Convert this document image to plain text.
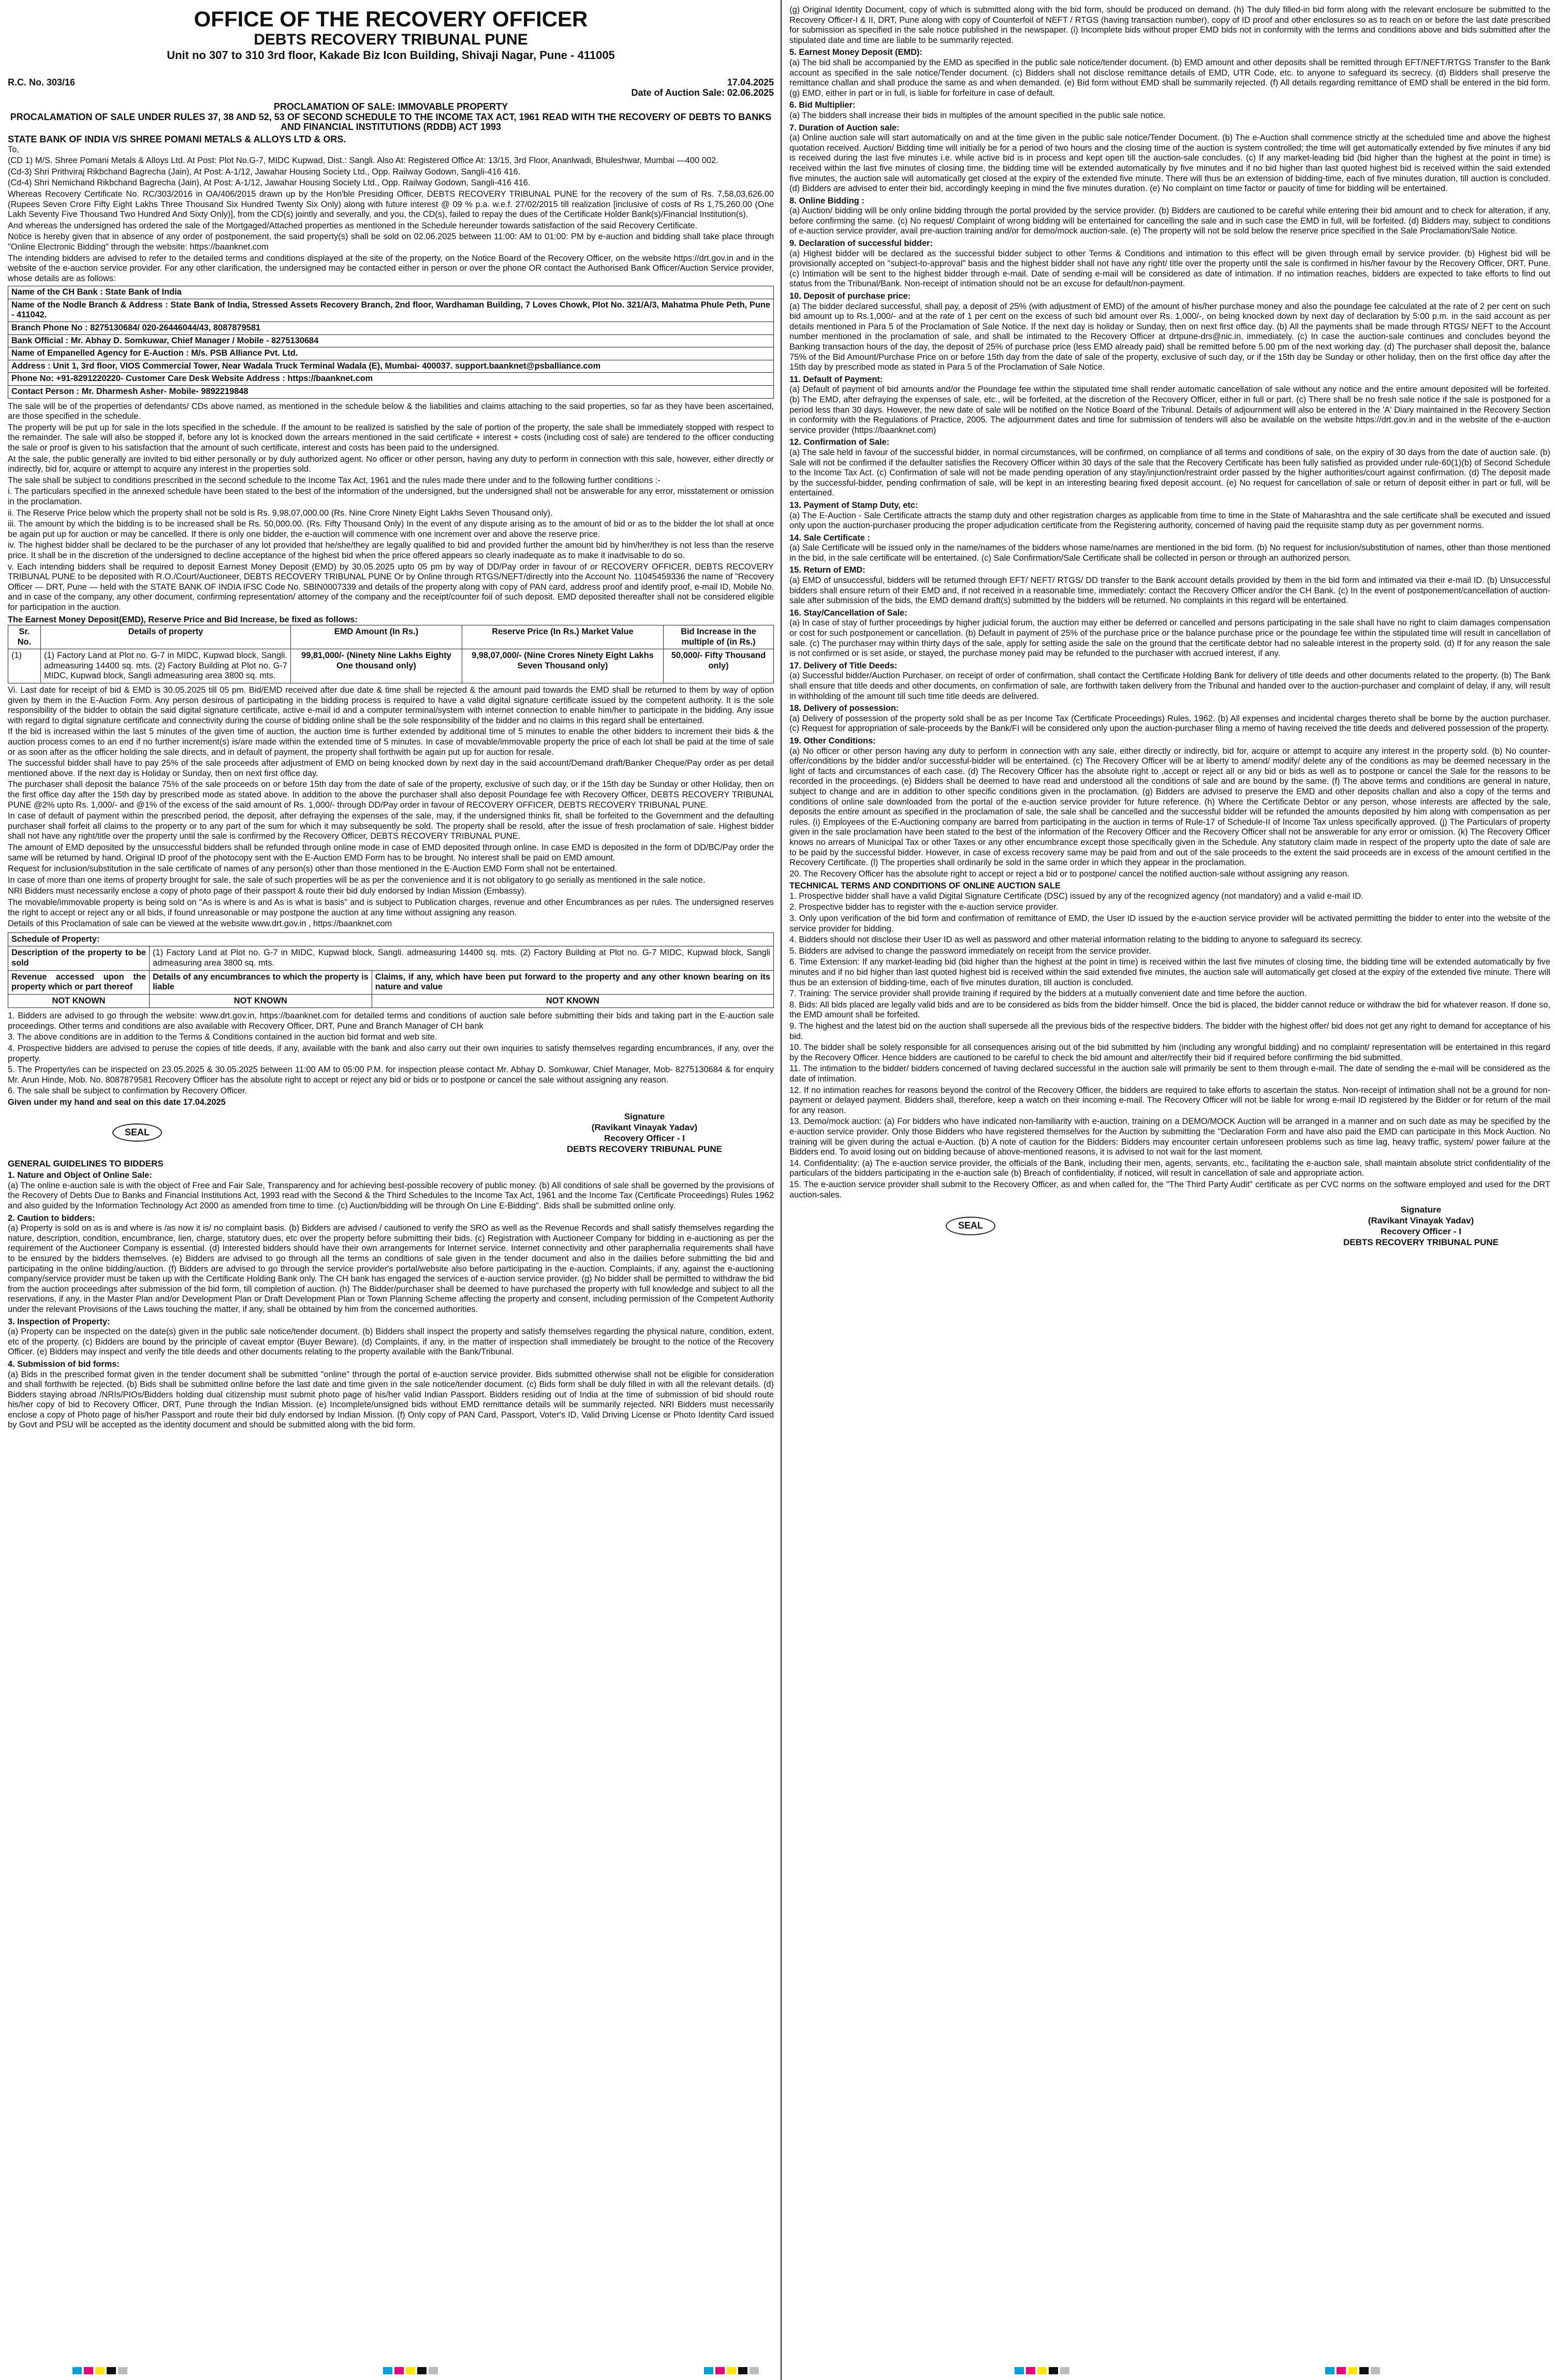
OFFICE OF THE RECOVERY OFFICER
DEBTS RECOVERY TRIBUNAL PUNE
Unit no 307 to 310 3rd floor, Kakade Biz Icon Building, Shivaji Nagar, Pune - 411005
R.C. No. 303/16	17.04.2025
Date of Auction Sale: 02.06.2025
PROCLAMATION OF SALE: IMMOVABLE PROPERTY
PROCALAMATION OF SALE UNDER RULES 37, 38 AND 52, 53 OF SECOND SCHEDULE TO THE INCOME TAX ACT, 1961 READ WITH THE RECOVERY OF DEBTS TO BANKS AND FINANCIAL INSTITUTIONS (RDDB) ACT 1993
STATE BANK OF INDIA V/S SHREE POMANI METALS & ALLOYS LTD & ORS.

To,

(CD 1) M/S. Shree Pomani Metals & Alloys Ltd. At Post: Plot No.G-7, MIDC Kupwad, Dist.: Sangli. Also At: Registered Office At: 13/15, 3rd Floor, Ananlwadi, Bhuleshwar, Mumbai —400 002.

(Cd-3) Shri Prithviraj Rikbchand Bagrecha (Jain), At Post: A-1/12, Jawahar Housing Society Ltd., Opp. Railway Godown, Sangli-416 416.

(Cd-4) Shri Nemichand Rikbchand Bagrecha (Jain), At Post: A-1/12, Jawahar Housing Society Ltd., Opp. Railway Godown, Sangli-416 416.

Whereas Recovery Certificate No. RC/303/2016 in OA/406/2015 drawn up by the Hon'ble Presiding Officer, DEBTS RECOVERY TRIBUNAL PUNE for the recovery of the sum of Rs. 7,58,03,626.00 (Rupees Seven Crore Fifty Eight Lakhs Three Thousand Six Hundred Twenty Six Only) along with future interest @ 09 % p.a. w.e.f. 27/02/2015 till realization [inclusive of costs of Rs 1,75,260.00 (One Lakh Seventy Five Thousand Two Hundred And Sixty Only)], from the CD(s) jointly and severally, and you, the CD(s), failed to repay the dues of the Certificate Holder Bank(s)/Financial Institution(s).

And whereas the undersigned has ordered the sale of the Mortgaged/Attached properties as mentioned in the Schedule hereunder towards satisfaction of the said Recovery Certificate.

Notice is hereby given that in absence of any order of postponement, the said property(s) shall be sold on 02.06.2025 between 11:00: AM to 01:00: PM by e-auction and bidding shall take place through "Online Electronic Bidding" through the website: https://baanknet.com

The intending bidders are advised to refer to the detailed terms and conditions displayed at the site of the property, on the Notice Board of the Recovery Officer, on the website https://drt.gov.in and in the website of the e-auction service provider. For any other clarification, the undersigned may be contacted either in person or over the phone OR contact the Authorised Bank Officer/Auction Service provider, whose details are as follows:

Name of the CH Bank : State Bank of India
Name of the Nodle Branch & Address : State Bank of India, Stressed Assets Recovery Branch, 2nd floor, Wardhaman Building, 7 Loves Chowk, Plot No. 321/A/3, Mahatma Phule Peth, Pune - 411042.
Branch Phone No : 8275130684/ 020-26446044/43, 8087879581
Bank Official : Mr. Abhay D. Somkuwar, Chief Manager / Mobile - 8275130684
Name of Empanelled Agency for E-Auction : M/s. PSB Alliance Pvt. Ltd.
Address : Unit 1, 3rd floor, VIOS Commercial Tower, Near Wadala Truck Terminal Wadala (E), Mumbai- 400037. support.baanknet@psballiance.com
Phone No: +91-8291220220- Customer Care Desk Website Address : https://baanknet.com
Contact Person : Mr. Dharmesh Asher- Mobile- 9892219848

The sale will be of the properties of defendants/ CDs above named, as mentioned in the schedule below & the liabilities and claims attaching to the said properties, so far as they have been ascertained, are those specified in the schedule.

The property will be put up for sale in the lots specified in the schedule. If the amount to be realized is satisfied by the sale of portion of the property, the sale shall be immediately stopped with respect to the remainder. The sale will also be stopped if, before any lot is knocked down the arrears mentioned in the said certificate + interest + costs (including cost of sale) are tendered to the officer conducting the sale or proof is given to his satisfaction that the amount of such certificate, interest and costs has been paid to the undersigned.

At the sale, the public generally are invited to bid either personally or by duly authorized agent. No officer or other person, having any duty to perform in connection with this sale, however, either directly or indirectly, bid for, acquire or attempt to acquire any interest in the properties sold.

The sale shall be subject to conditions prescribed in the second schedule to the Income Tax Act, 1961 and the rules made there under and to the following further conditions :-

i. The particulars specified in the annexed schedule have been stated to the best of the information of the undersigned, but the undersigned shall not be answerable for any error, misstatement or omission in the proclamation.

ii. The Reserve Price below which the property shall not be sold is Rs. 9,98,07,000.00 (Rs. Nine Crore Ninety Eight Lakhs Seven Thousand only).

iii. The amount by which the bidding is to be increased shall be Rs. 50,000.00. (Rs. Fifty Thousand Only) In the event of any dispute arising as to the amount of bid or as to the bidder the lot shall at once be again put up for auction or may be cancelled. If there is only one bidder, the e-auction will commence with one increment over and above the reserve price.

iv. The highest bidder shall be declared to be the purchaser of any lot provided that he/she/they are legally qualified to bid and provided further the amount bid by him/her/they is not less than the reserve price. It shall be in the discretion of the undersigned to decline acceptance of the highest bid when the price offered appears so clearly inadequate as to make it inadvisable to do so.

v. Each intending bidders shall be required to deposit Earnest Money Deposit (EMD) by 30.05.2025 upto 05 pm by way of DD/Pay order in favour of or RECOVERY OFFICER, DEBTS RECOVERY TRIBUNAL PUNE to be deposited with R.O./Court/Auctioneer, DEBTS RECOVERY TRIBUNAL PUNE Or by Online through RTGS/NEFT/directly into the Account No. 11045459336 the name of "Recovery Officer — DRT, Pune — held with the STATE BANK OF INDIA IFSC Code No. SBIN0007339 and details of the property along with copy of PAN card, address proof and identify proof, e-mail ID, Mobile No. and in case of the company, any other document, confirming representation/ attorney of the company and the receipt/counter foil of such deposit. EMD deposited thereafter shall not be considered eligible for participation in the auction.

The Earnest Money Deposit(EMD), Reserve Price and Bid Increase, be fixed as follows:
Sr. No.	Details of property	EMD Amount (In Rs.)	Reserve Price (In Rs.) Market Value	Bid Increase in the multiple of (in Rs.)
(1)	(1) Factory Land at Plot no. G-7 in MIDC, Kupwad block, Sangli. admeasuring 14400 sq. mts. (2) Factory Building at Plot no. G-7 MIDC, Kupwad block, Sangli admeasuring area 3800 sq. mts.	99,81,000/- (Ninety Nine Lakhs Eighty One thousand only)	9,98,07,000/- (Nine Crores Ninety Eight Lakhs Seven Thousand only)	50,000/- Fifty Thousand only)

Vi. Last date for receipt of bid & EMD is 30.05.2025 till 05 pm. Bid/EMD received after due date & time shall be rejected & the amount paid towards the EMD shall be returned to them by way of option given by them in the E-Auction Form. Any person desirous of participating in the bidding process is required to have a valid digital signature certificate issued by the competent authority. It is the sole responsibility of the bidder to obtain the said digital signature certificate, active e-mail id and a computer terminal/system with internet connection to enable him/her to participate in the bidding. Any issue with regard to digital signature certificate and connectivity during the course of bidding online shall be the sole responsibility of the bidder and no claims in this regard shall be entertained.

If the bid is increased within the last 5 minutes of the given time of auction, the auction time is further extended by additional time of 5 minutes to enable the other bidders to increment their bids & the auction process comes to an end if no further increment(s) is/are made within the extended time of 5 minutes. In case of movable/immovable property the price of each lot shall be paid at the time of sale or as soon after as the officer holding the sale directs, and in default of payment, the property shall forthwith be again put up for auction for resale.

The successful bidder shall have to pay 25% of the sale proceeds after adjustment of EMD on being knocked down by next day in the said account/Demand draft/Banker Cheque/Pay order as per detail mentioned above. If the next day is Holiday or Sunday, then on next first office day.

The purchaser shall deposit the balance 75% of the sale proceeds on or before 15th day from the date of sale of the property, exclusive of such day, or if the 15th day be Sunday or other Holiday, then on the first office day after the 15th day by prescribed mode as stated above. In addition to the above the purchaser shall also deposit Poundage fee with Recovery Officer, DEBTS RECOVERY TRIBUNAL PUNE @2% upto Rs. 1,000/- and @1% of the excess of the said amount of Rs. 1,000/- through DD/Pay order in favour of RECOVERY OFFICER, DEBTS RECOVERY TRIBUNAL PUNE.

In case of default of payment within the prescribed period, the deposit, after defraying the expenses of the sale, may, if the undersigned thinks fit, shall be forfeited to the Government and the defaulting purchaser shall forfeit all claims to the property or to any part of the sum for which it may subsequently be sold. The property shall be resold, after the issue of fresh proclamation of sale. Highest bidder shall not have any right/title over the property until the sale is confirmed by the Recovery Officer, DEBTS RECOVERY TRIBUNAL PUNE.

The amount of EMD deposited by the unsuccessful bidders shall be refunded through online mode in case of EMD deposited through online. In case EMD is deposited in the form of DD/BC/Pay order the same will be returned by hand. Original ID proof of the photocopy sent with the E-Auction EMD Form has to be brought. No interest shall be paid on EMD amount.

Request for inclusion/substitution in the sale certificate of names of any person(s) other than those mentioned in the E-Auction EMD Form shall not be entertained.

In case of more than one items of property brought for sale, the sale of such properties will be as per the convenience and it is not obligatory to go serially as mentioned in the sale notice.

NRI Bidders must necessarily enclose a copy of photo page of their passport & route their bid duly endorsed by Indian Mission (Embassy).

The movable/immovable property is being sold on "As is where is and As is what is basis" and is subject to Publication charges, revenue and other Encumbrances as per rules. The undersigned reserves the right to accept or reject any or all bids, if found unreasonable or may postpone the auction at any time without assigning any reason.

Details of this Proclamation of sale can be viewed at the website www.drt.gov.in , https://baanknet.com

Schedule of Property:		
Description of the property to be sold	(1) Factory Land at Plot no. G-7 in MIDC, Kupwad block, Sangli. admeasuring 14400 sq. mts. (2) Factory Building at Plot no. G-7 MIDC, Kupwad block, Sangli admeasuring area 3800 sq. mts.	
Revenue accessed upon the property which or part thereof	Details of any encumbrances to which the property is liable	Claims, if any, which have been put forward to the property and any other known bearing on its nature and value
NOT KNOWN	NOT KNOWN	NOT KNOWN

1. Bidders are advised to go through the website: www.drt.gov.in, https://baanknet.com for detailed terms and conditions of auction sale before submitting their bids and taking part in the E-auction sale proceedings. Other terms and conditions are also available with Recovery Officer, DRT, Pune and Branch Manager of CH bank

3. The above conditions are in addition to the Terms & Conditions contained in the auction bid format and web site.

4. Prospective bidders are advised to peruse the copies of title deeds, if any, available with the bank and also carry out their own inquiries to satisfy themselves regarding encumbrances, if any, over the property.

5. The Property/ies can be inspected on 23.05.2025 & 30.05.2025 between 11:00 AM to 05:00 P.M. for inspection please contact Mr. Abhay D. Somkuwar, Chief Manager, Mob- 8275130684 & for enquiry Mr. Arun Hinde, Mob. No. 8087879581 Recovery Officer has the absolute right to accept or reject any bid or bids or to postpone or cancel the sale without assigning any reason.

6. The sale shall be subject to confirmation by Recovery Officer.

Given under my hand and seal on this date 17.04.2025

SEAL
Signature
(Ravikant Vinayak Yadav)
Recovery Officer - I
DEBTS RECOVERY TRIBUNAL PUNE
GENERAL GUIDELINES TO BIDDERS
1. Nature and Object of Online Sale:

(a) The online e-auction sale is with the object of Free and Fair Sale, Transparency and for achieving best-possible recovery of public money. (b) All conditions of sale shall be governed by the provisions of the Recovery of Debts Due to Banks and Financial Institutions Act, 1993 read with the Second & the Third Schedules to the Income Tax Act, 1961 and the Income Tax (Certificate Proceedings) Rules 1962 and also guided by the Information Technology Act 2000 as amended from time to time. (c) Auction/bidding will be through On Line E-Bidding". Bids shall be submitted online only.

2. Caution to bidders:

(a) Property is sold on as is and where is /as now it is/ no complaint basis. (b) Bidders are advised / cautioned to verify the SRO as well as the Revenue Records and shall satisfy themselves regarding the nature, description, condition, encumbrance, lien, charge, statutory dues, etc over the property before submitting their bids. (c) Registration with Auctioneer Company for bidding in e-auctioning as per the requirement of the Auctioneer Company is essential. (d) Interested bidders should have their own arrangements for Internet service. Internet connectivity and other paraphernalia requirements shall have to be ensured by the bidders themselves. (e) Bidders are advised to go through all the terms an conditions of sale given in the tender document and also in the dailies before submitting the bid and participating in the online bidding/auction. (f) Bidders are advised to go through the service provider's portal/website also before participating in the e-auction. Complaints, if any, against the e-auctioning company/service provider must be taken up with the Certificate Holding Bank only. The CH bank has engaged the services of e-auction service provider. (g) No bidder shall be permitted to withdraw the bid from the auction proceedings after submission of the bid form, till completion of auction. (h) The Bidder/purchaser shall be deemed to have purchased the property with full knowledge and subject to all the reservations, if any, in the Master Plan and/or Development Plan or Draft Development Plan or Town Planning Scheme affecting the property and consent, including permission of the Competent Authority under the relevant Provisions of the Laws touching the matter, if any, shall be obtained by him from the concerned authorities.

3. Inspection of Property:

(a) Property can be inspected on the date(s) given in the public sale notice/tender document. (b) Bidders shall inspect the property and satisfy themselves regarding the physical nature, condition, extent, etc of the property. (c) Bidders are bound by the principle of caveat emptor (Buyer Beware). (d) Complaints, if any, in the matter of inspection shall immediately be brought to the notice of the Recovery Officer. (e) Bidders may inspect and verify the title deeds and other documents relating to the property available with the Bank/Tribunal.

4. Submission of bid forms:

(a) Bids in the prescribed format given in the tender document shall be submitted "online" through the portal of e-auction service provider. Bids submitted otherwise shall not be eligible for consideration and shall forthwith be rejected. (b) Bids shall be submitted online before the last date and time given in the sale notice/tender document. (c) Bids form shall be duly filled in with all the relevant details. (d) Bidders staying abroad /NRIs/PIOs/Bidders holding dual citizenship must submit photo page of his/her valid Indian Passport. Bidders residing out of India at the time of submission of bid should route his/her copy of bid to Recovery Officer, DRT, Pune through the Indian Mission. (e) Incomplete/unsigned bids without EMD remittance details will be summarily rejected. NRI Bidders must necessarily enclose a copy of Photo page of his/her Passport and route their bid duly endorsed by Indian Mission. (f) Only copy of PAN Card, Passport, Voter's ID, Valid Driving License or Photo Identity Card issued by Govt and PSU will be accepted as the identity document and should be submitted along with the bid form.

(g) Original Identity Document, copy of which is submitted along with the bid form, should be produced on demand. (h) The duly filled-in bid form along with the relevant enclosure be submitted to the Recovery Officer-I & II, DRT, Pune along with copy of Counterfoil of NEFT / RTGS (having transaction number), copy of ID proof and other enclosures so as to reach on or before the last date prescribed for submission as specified in the sale notice published in the newspaper. (i) Incomplete bids without proper EMD bids not in conformity with the terms and conditions above and bids submitted after the stipulated date and time are liable to be summarily rejected.

5. Earnest Money Deposit (EMD):

(a) The bid shall be accompanied by the EMD as specified in the public sale notice/tender document. (b) EMD amount and other deposits shall be remitted through EFT/NEFT/RTGS Transfer to the Bank account as specified in the sale notice/Tender document. (c) Bidders shall not disclose remittance details of EMD, UTR Code, etc. to anyone to safeguard its secrecy. (d) Bidders shall preserve the remittance challan and shall produce the same as and when demanded. (e) Bid form without EMD shall be summarily rejected. (f) All details regarding remittance of EMD shall be entered in the bid form. (g) EMD, either in part or in full, is liable for forfeiture in case of default.

6. Bid Multiplier:

(a) The bidders shall increase their bids in multiples of the amount specified in the public sale notice.

7. Duration of Auction sale:

(a) Online auction sale will start automatically on and at the time given in the public sale notice/Tender Document. (b) The e-Auction shall commence strictly at the scheduled time and above the highest quotation received. Auction/ Bidding time will initially be for a period of two hours and the closing time of the auction is system controlled; the time will get automatically extended by five minutes if any bid is received during the last five minutes i.e. while active bid is in process and kept open till the auction-sale concludes. (c) If any market-leading bid (bid higher than the highest at the point in time) is received within the last five minutes of closing time, the bidding time will be extended automatically by five minutes and if no bid higher than last quoted highest bid is received within the said extended five minutes, the auction sale will automatically get closed at the expiry of the extended five minute. There will thus be an extension of bidding-time, each of five minutes duration, till auction is concluded. (d) Bidders are advised to enter their bid, accordingly keeping in mind the five minutes duration. (e) No complaint on time factor or paucity of time for bidding will be entertained.

8. Online Bidding :

(a) Auction/ bidding will be only online bidding through the portal provided by the service provider. (b) Bidders are cautioned to be careful while entering their bid amount and to check for alteration, if any, before confirming the same. (c) No request/ Complaint of wrong bidding will be entertained for cancelling the sale and in such case the EMD in full, will be forfeited. (d) Bidders may, subject to conditions of e-auction service provider, avail pre-auction training and/or for demo/mock auction-sale. (e) The property will not be sold below the reserve price specified in the Sale Proclamation/Sale Notice.

9. Declaration of successful bidder:

(a) Highest bidder will be declared as the successful bidder subject to other Terms & Conditions and intimation to this effect will be given through email by service provider. (b) Highest bid will be provisionally accepted on "subject-to-approval" basis and the highest bidder shall not have any right/ title over the property until the sale is confirmed in his/her favour by the Recovery Officer, DRT, Pune. (c) Intimation will be sent to the highest bidder through e-mail. Date of sending e-mail will be considered as date of intimation. If no intimation reaches, bidders are expected to take efforts to find out status from the Tribunal/Bank. Non-receipt of intimation should not be an excuse for default/non-payment.

10. Deposit of purchase price:

(a) The bidder declared successful, shall pay, a deposit of 25% (with adjustment of EMD) of the amount of his/her purchase money and also the poundage fee calculated at the rate of 2 per cent on such bid amount up to Rs.1,000/- and at the rate of 1 per cent on the excess of such bid amount over Rs. 1,000/-, on being knocked down by next day of declaration by 5:00 p.m. in the said account as per details mentioned in Para 5 of the Proclamation of Sale Notice. If the next day is holiday or Sunday, then on next first office day. (b) All the payments shall be made through RTGS/ NEFT to the Account number mentioned in the proclamation of sale, and shall be intimated to the Recovery Officer at drtpune-drs@nic.in, immediately. (c) In case the auction-sale continues and concludes beyond the Banking transaction hours of the day, the deposit of 25% of purchase price (less EMD already paid) shall be remitted before 5.00 pm of the next working day. (d) The purchaser shall deposit the, balance 75% of the Bid Amount/Purchase Price on or before 15th day from the date of sale of the property, exclusive of such day, or if the 15th day be Sunday or other holiday, then on the first office day after the 15th day by prescribed mode as stated in Para 5 of the Proclamation of Sale Notice.

11. Default of Payment:

(a) Default of payment of bid amounts and/or the Poundage fee within the stipulated time shall render automatic cancellation of sale without any notice and the entire amount deposited will be forfeited. (b) The EMD, after defraying the expenses of sale, etc., will be forfeited, at the discretion of the Recovery Officer, either in full or part. (c) There shall be no fresh sale notice if the sale is postponed for a period less than 30 days. However, the new date of sale will be notified on the Notice Board of the Tribunal. Details of adjournment will also be entered in the 'A' Diary maintained in the Recovery Section in conformity with the Regulations of Practice, 2005. The adjournment dates and time for submission of tenders will also be available on the website https://drt.gov.in and in the website of the e-auction service provider (https://baanknet.com)

12. Confirmation of Sale:

(a) The sale held in favour of the successful bidder, in normal circumstances, will be confirmed, on compliance of all terms and conditions of sale, on the expiry of 30 days from the date of auction sale. (b) Sale will not be confirmed if the defaulter satisfies the Recovery Officer within 30 days of the sale that the Recovery Certificate has been fully satisfied as provided under rule-60(1)(b) of Second Schedule to the Income Tax Act. (c) Confirmation of sale will not be made pending operation of any stay/injunction/restraint order passed by the higher authorities/court against confirmation. (d) The deposit made by the successful-bidder, pending confirmation of sale, will be kept in an interesting bearing fixed deposit account. (e) No request for cancellation of sale or return of deposit either in part or full, will be entertained.

13. Payment of Stamp Duty, etc:

(a) The E-Auction - Sale Certificate attracts the stamp duty and other registration charges as applicable from time to time in the State of Maharashtra and the sale certificate shall be executed and issued only upon the auction-purchaser producing the proper adjudication certificate from the Registering authority, concerned of having paid the requisite stamp duty as per government norms.

14. Sale Certificate :

(a) Sale Certificate will be issued only in the name/names of the bidders whose name/names are mentioned in the bid form. (b) No request for inclusion/substitution of names, other than those mentioned in the bid, in the sale certificate will be entertained. (c) Sale Confirmation/Sale Certificate shall be collected in person or through an authorized person.

15. Return of EMD:

(a) EMD of unsuccessful, bidders will be returned through EFT/ NEFT/ RTGS/ DD transfer to the Bank account details provided by them in the bid form and intimated via their e-mail ID. (b) Unsuccessful bidders shall ensure return of their EMD and, if not received in a reasonable time, immediately: contact the Recovery Officer and/or the CH Bank. (c) In the event of postponement/cancellation of auction-sale after submission of the bids, the EMD demand draft(s) submitted by the bidders will be returned. No complaints in this regard will be entertained.

16. Stay/Cancellation of Sale:

(a) In case of stay of further proceedings by higher judicial forum, the auction may either be deferred or cancelled and persons participating in the sale shall have no right to claim damages compensation or cost for such postponement or cancellation. (b) Default in payment of 25% of the purchase price or the balance purchase price or the poundage fee within the stipulated time will result in cancellation of sale. (c) The purchaser may within thirty days of the sale, apply for setting aside the sale on the ground that the certificate debtor had no saleable interest in the property sold. (d) If for any reason the sale is not confirmed or is set aside, or stayed, the purchase money paid may be refunded to the purchaser with accrued interest, if any.

17. Delivery of Title Deeds:

(a) Successful bidder/Auction Purchaser, on receipt of order of confirmation, shall contact the Certificate Holding Bank for delivery of title deeds and other documents related to the property. (b) The Bank shall ensure that title deeds and other documents, on confirmation of sale, are forthwith taken delivery from the Tribunal and handed over to the auction-purchaser and complaint of delay, if any, will result in withholding of the amount till such time title deeds are delivered.

18. Delivery of possession:

(a) Delivery of possession of the property sold shall be as per Income Tax (Certificate Proceedings) Rules, 1962. (b) All expenses and incidental charges thereto shall be borne by the auction purchaser. (c) Request for appropriation of sale-proceeds by the Bank/FI will be considered only upon the auction-purchaser filing a memo of having received the title deeds and delivered possession of the property.

19. Other Conditions:

(a) No officer or other person having any duty to perform in connection with any sale, either directly or indirectly, bid for, acquire or attempt to acquire any interest in the property sold. (b) No counter-offer/conditions by the bidder and/or successful-bidder will be entertained. (c) The Recovery Officer will be at liberty to amend/ modify/ delete any of the conditions as may be deemed necessary in the light of facts and circumstances of each case. (d) The Recovery Officer has the absolute right to ,accept or reject all or any bid or bids as well as to postpone or cancel the Sale for the reasons to be recorded in the proceedings. (e) Bidders shall be deemed to have read and understood all the conditions of sale and are bound by the same. (f) The above terms and conditions are general in nature, subject to change and are in addition to other specific conditions given in the proclamation. (g) Bidders are advised to preserve the EMD and other deposits challan and also a copy of the terms and conditions of online sale downloaded from the portal of the e-auction service provider for future reference. (h) Where the Certificate Debtor or any person, whose interests are affected by the sale, deposits the entire amount as specified in the proclamation of sale, the sale shall be cancelled and the successful bidder will be refunded the amounts deposited by him along with compensation as per rules. (i) Employees of the E-Auctioning company are barred from participating in the auction in terms of Rule-17 of Schedule-II of Income Tax unless specifically approved. (j) The Particulars of property given in the sale proclamation have been stated to the best of the information of the Recovery Officer and the Recovery Officer shall not be answerable for any error or omission. (k) The Recovery Officer knows no arrears of Municipal Tax or other Taxes or any other encumbrance except those specifically given in the Schedule. Any statutory claim made in respect of the property upto the date of sale are to be paid by the successful bidder. However, in case of excess recovery same may be paid from and out of the sale proceeds to the extent the said proceeds are in excess of the amount certified in the Recovery Certificate. (l) The properties shall ordinarily be sold in the same order in which they appear in the proclamation.

20. The Recovery Officer has the absolute right to accept or reject a bid or to postpone/ cancel the notified auction-sale without assigning any reason.

TECHNICAL TERMS AND CONDITIONS OF ONLINE AUCTION SALE

1. Prospective bidder shall have a valid Digital Signature Certificate (DSC) issued by any of the recognized agency (not mandatory) and a valid e-mail ID.

2. Prospective bidder has to register with the e-auction service provider.

3. Only upon verification of the bid form and confirmation of remittance of EMD, the User ID issued by the e-auction service provider will be activated permitting the bidder to enter into the website of the service provider for bidding.

4. Bidders should not disclose their User ID as well as password and other material information relating to the bidding to anyone to safeguard its secrecy.

5. Bidders are advised to change the password immediately on receipt from the service provider.

6. Time Extension: If any market-leading bid (bid higher than the highest at the point in time) is received within the last five minutes of closing time, the bidding time will be extended automatically by five minutes and if no bid higher than last quoted highest bid is received within the said extended five minutes, the auction sale will automatically get closed at the expiry of the extended five minute. There will thus be an extension of bidding-time, each of five minutes duration, till auction is concluded.

7. Training: The service provider shall provide training if required by the bidders at a mutually convenient date and time before the auction.

8. Bids: All bids placed are legally valid bids and are to be considered as bids from the bidder himself. Once the bid is placed, the bidder cannot reduce or withdraw the bid for whatever reason. If done so, the EMD amount shall be forfeited.

9. The highest and the latest bid on the auction shall supersede all the previous bids of the respective bidders. The bidder with the highest offer/ bid does not get any right to demand for acceptance of his bid.

10. The bidder shall be solely responsible for all consequences arising out of the bid submitted by him (including any wrongful bidding) and no complaint/ representation will be entertained in this regard by the Recovery Officer. Hence bidders are cautioned to be careful to check the bid amount and alter/rectify their bid if required before confirming the bid submitted.

11. The intimation to the bidder/ bidders concerned of having declared successful in the auction sale will primarily be sent to them through e-mail. The date of sending the e-mail will be considered as the date of intimation.

12. If no intimation reaches for reasons beyond the control of the Recovery Officer, the bidders are required to take efforts to ascertain the status. Non-receipt of intimation shall not be a ground for non-payment or delayed payment. Bidders shall, therefore, keep a watch on their incoming e-mail. The Recovery Officer will not be liable for wrong e-mail ID registered by the Bidder or for return of the mail for any reason.

13. Demo/mock auction: (a) For bidders who have indicated non-familiarity with e-auction, training on a DEMO/MOCK Auction will be arranged in a manner and on such date as may be specified by the e-auction service provider. Only those Bidders who have registered themselves for the Auction by submitting the "Declaration Form and have also paid the EMD can participate in this Mock Auction. No training will be given during the actual e-Auction. (b) A note of caution for the Bidders: Bidders may encounter certain unforeseen problems such as time lag, heavy traffic, system/ power failure at the Bidders end. To avoid losing out on bidding because of above-mentioned reasons, it is advised to not wait for the last moment.

14. Confidentiality: (a) The e-auction service provider, the officials of the Bank, including their men, agents, servants, etc., facilitating the e-auction sale, shall maintain absolute strict confidentiality of the particulars of the bidders participating in the e-auction sale (b) Breach of confidentiality, if noticed, will result in cancellation of sale and appropriate action.

15. The e-auction service provider shall submit to the Recovery Officer, as and when called for, the "The Third Party Audit" certificate as per CVC norms on the software employed and used for the DRT auction-sales.

SEAL
Signature
(Ravikant Vinayak Yadav)
Recovery Officer - I
DEBTS RECOVERY TRIBUNAL PUNE
